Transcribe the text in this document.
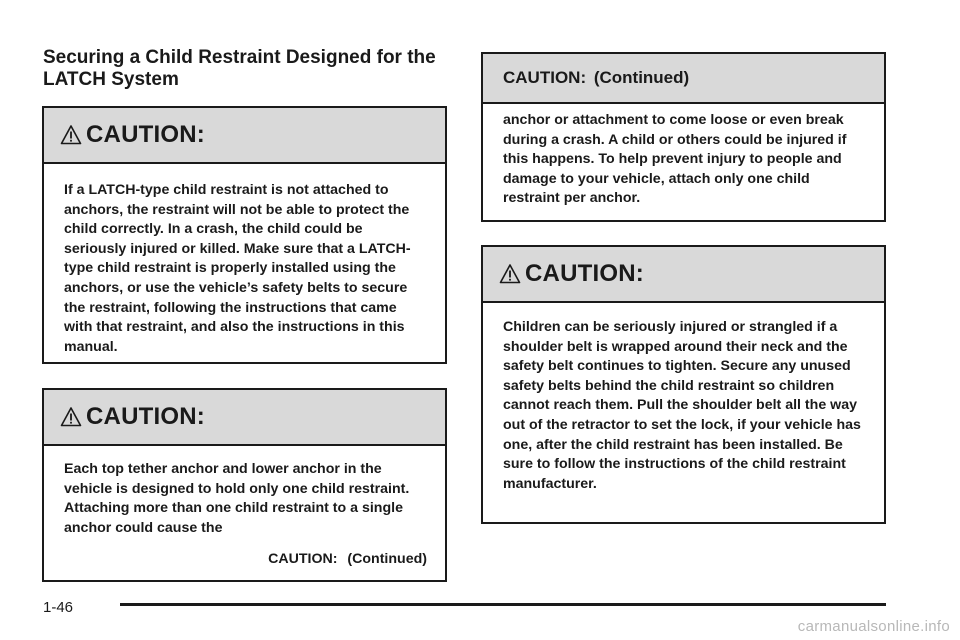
Securing a Child Restraint Designed for the LATCH System
CAUTION:
If a LATCH-type child restraint is not attached to anchors, the restraint will not be able to protect the child correctly. In a crash, the child could be seriously injured or killed. Make sure that a LATCH-type child restraint is properly installed using the anchors, or use the vehicle’s safety belts to secure the restraint, following the instructions that came with that restraint, and also the instructions in this manual.
CAUTION:
Each top tether anchor and lower anchor in the vehicle is designed to hold only one child restraint. Attaching more than one child restraint to a single anchor could cause the
CAUTION: (Continued)
CAUTION: (Continued)
anchor or attachment to come loose or even break during a crash. A child or others could be injured if this happens. To help prevent injury to people and damage to your vehicle, attach only one child restraint per anchor.
CAUTION:
Children can be seriously injured or strangled if a shoulder belt is wrapped around their neck and the safety belt continues to tighten. Secure any unused safety belts behind the child restraint so children cannot reach them. Pull the shoulder belt all the way out of the retractor to set the lock, if your vehicle has one, after the child restraint has been installed. Be sure to follow the instructions of the child restraint manufacturer.
1-46
carmanualsonline.info
